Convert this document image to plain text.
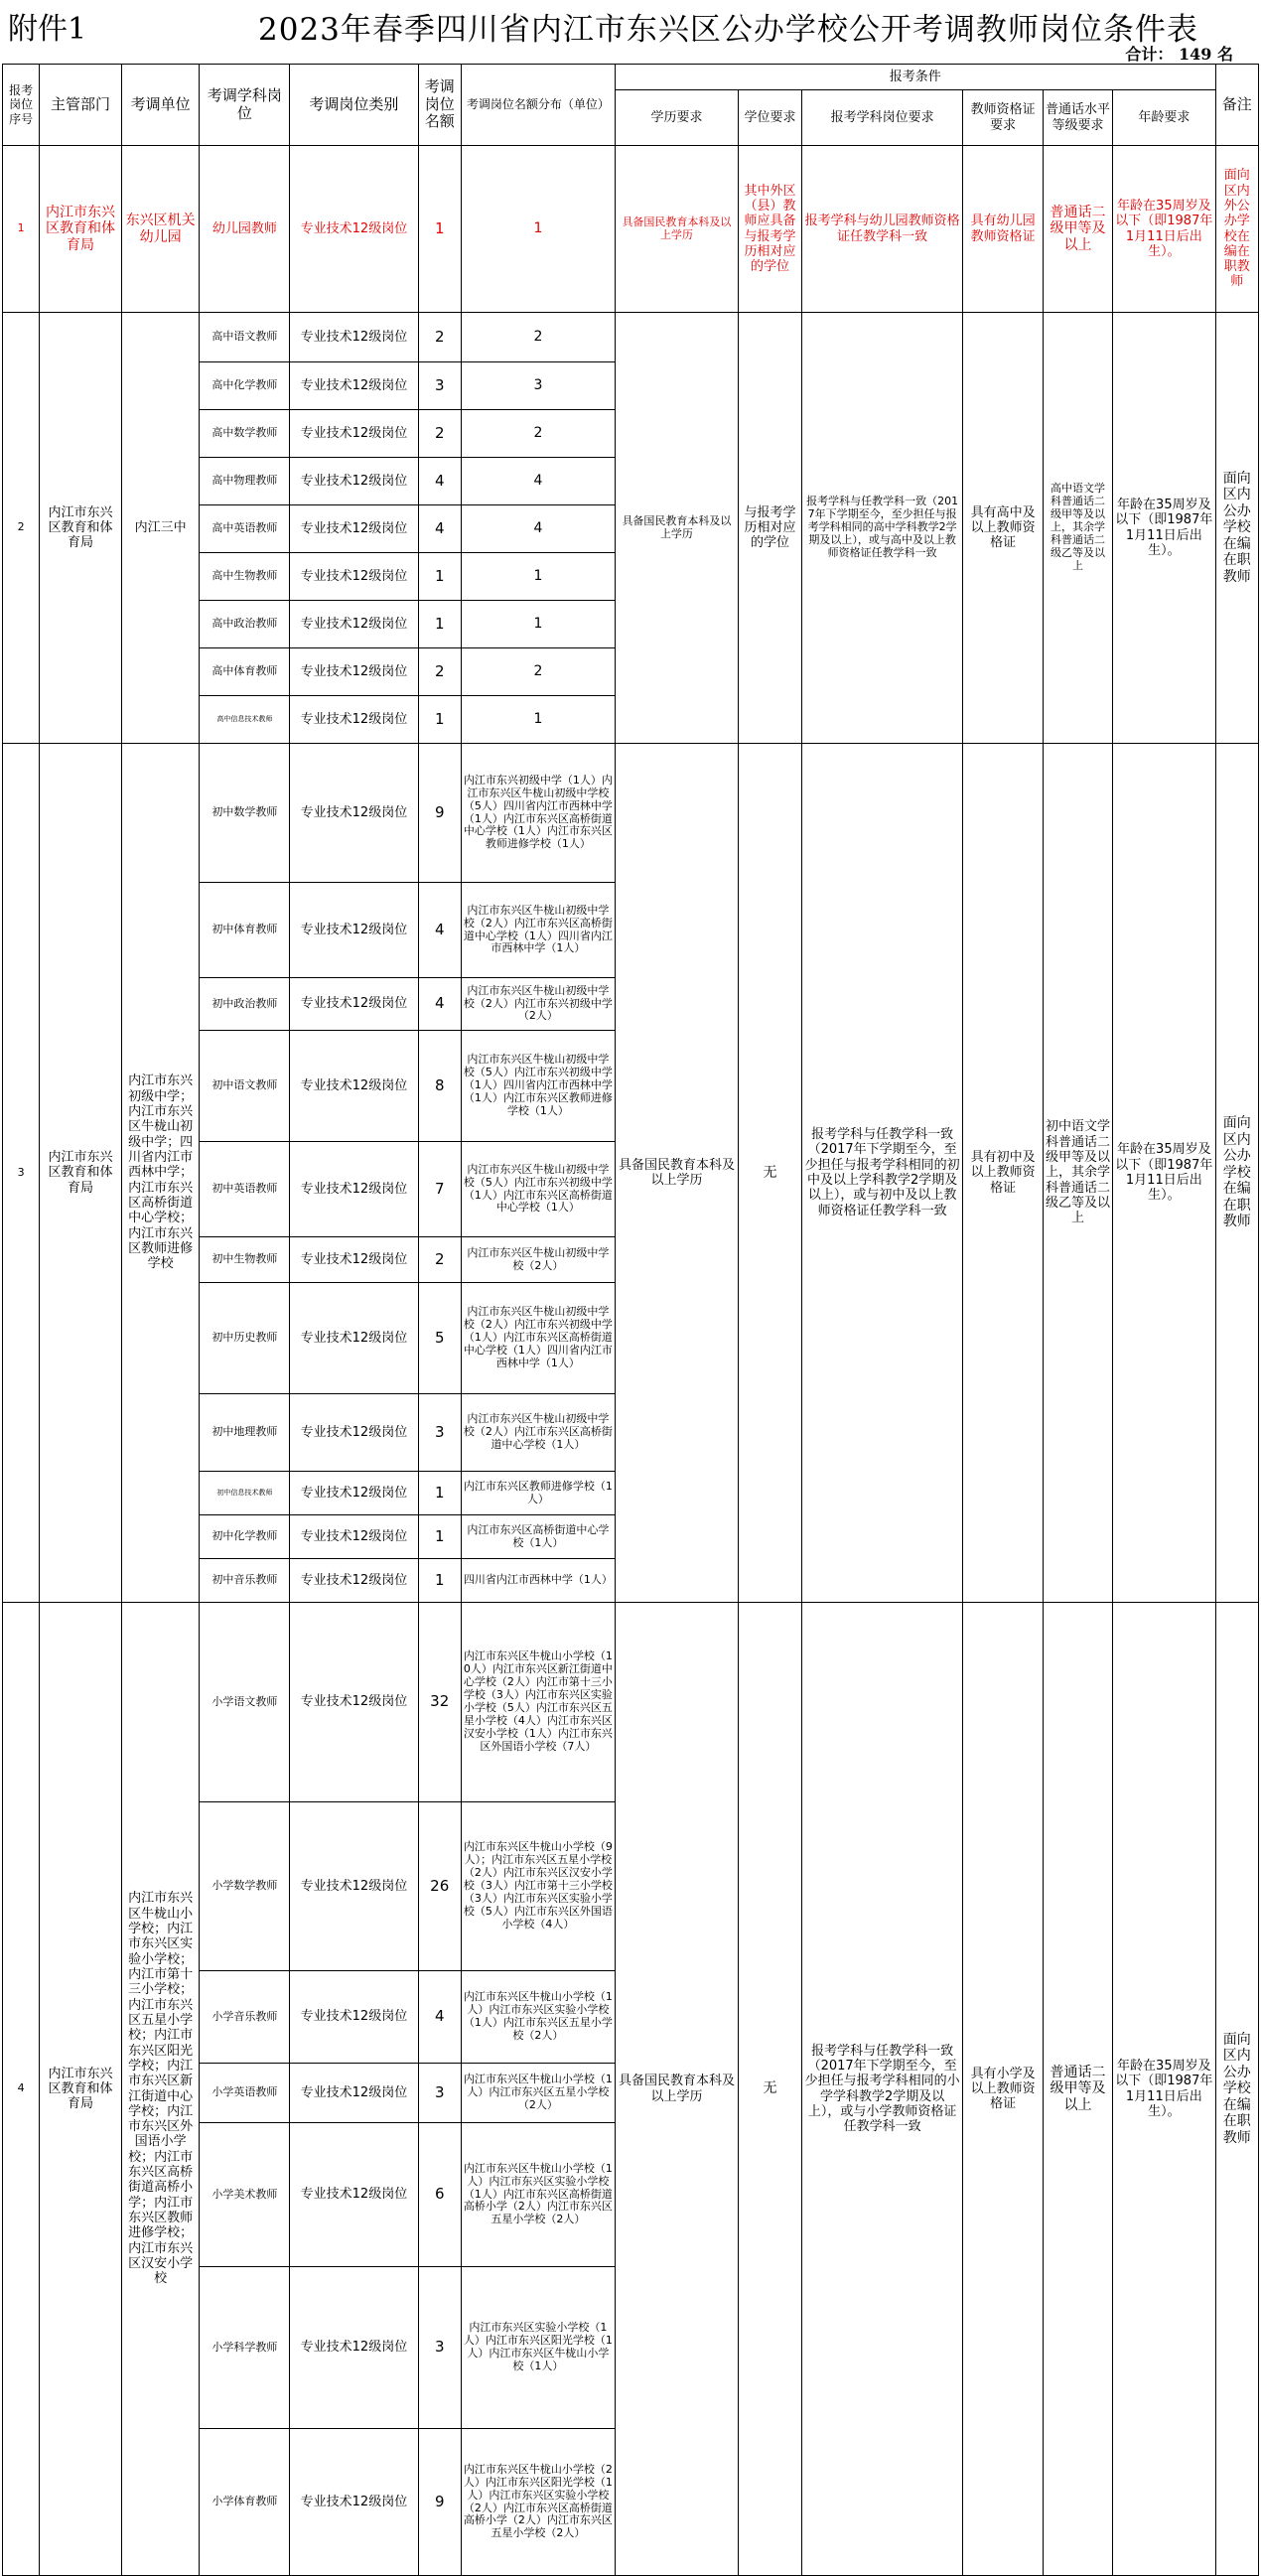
附件1	2023年春季四川省内江市东兴区公办学校公开考调教师岗位条件表
合计： 149 名
报考岗位序号	主管部门	考调单位	考调学科岗位	考调岗位类别	考调岗位名额	考调岗位名额分布（单位）	报考条件						备注
							学历要求	学位要求	报考学科岗位要求	教师资格证要求	普通话水平等级要求	年龄要求	
1	内江市东兴区教育和体育局	东兴区机关幼儿园	幼儿园教师	专业技术12级岗位	1	1	具备国民教育本科及以上学历	其中外区（县）教师应具备与报考学历相对应的学位	报考学科与幼儿园教师资格证任教学科一致	具有幼儿园教师资格证	普通话二级甲等及以上	年龄在35周岁及以下（即1987年1月11日后出生）。	面向区内外公办学校在编在职教师
2	内江市东兴区教育和体育局	内江三中	高中语文教师	专业技术12级岗位	2	2	具备国民教育本科及以上学历	与报考学历相对应的学位	报考学科与任教学科一致（2017年下学期至今，至少担任与报考学科相同的高中学科教学2学期及以上），或与高中及以上教师资格证任教学科一致	具有高中及以上教师资格证	高中语文学科普通话二级甲等及以上，其余学科普通话二级乙等及以上	年龄在35周岁及以下（即1987年1月11日后出生）。	面向区内公办学校在编在职教师
			高中化学教师	专业技术12级岗位	3	3							
			高中数学教师	专业技术12级岗位	2	2							
			高中物理教师	专业技术12级岗位	4	4							
			高中英语教师	专业技术12级岗位	4	4							
			高中生物教师	专业技术12级岗位	1	1							
			高中政治教师	专业技术12级岗位	1	1							
			高中体育教师	专业技术12级岗位	2	2							
			高中信息技术教师	专业技术12级岗位	1	1							
3	内江市东兴区教育和体育局	内江市东兴初级中学；内江市东兴区牛栊山初级中学；四川省内江市西林中学；内江市东兴区高桥街道中心学校；内江市东兴区教师进修学校	初中数学教师	专业技术12级岗位	9	内江市东兴初级中学（1人）内江市东兴区牛栊山初级中学校（5人）四川省内江市西林中学（1人）内江市东兴区高桥街道中心学校（1人）内江市东兴区教师进修学校（1人）	具备国民教育本科及以上学历	无	报考学科与任教学科一致（2017年下学期至今，至少担任与报考学科相同的初中及以上学科教学2学期及以上），或与初中及以上教师资格证任教学科一致	具有初中及以上教师资格证	初中语文学科普通话二级甲等及以上，其余学科普通话二级乙等及以上	年龄在35周岁及以下（即1987年1月11日后出生）。	面向区内公办学校在编在职教师
			初中体育教师	专业技术12级岗位	4	内江市东兴区牛栊山初级中学校（2人）内江市东兴区高桥街道中心学校（1人）四川省内江市西林中学（1人）							
			初中政治教师	专业技术12级岗位	4	内江市东兴区牛栊山初级中学校（2人）内江市东兴初级中学（2人）							
			初中语文教师	专业技术12级岗位	8	内江市东兴区牛栊山初级中学校（5人）内江市东兴初级中学（1人）四川省内江市西林中学（1人）内江市东兴区教师进修学校（1人）							
			初中英语教师	专业技术12级岗位	7	内江市东兴区牛栊山初级中学校（5人）内江市东兴初级中学（1人）内江市东兴区高桥街道中心学校（1人）							
			初中生物教师	专业技术12级岗位	2	内江市东兴区牛栊山初级中学校（2人）							
			初中历史教师	专业技术12级岗位	5	内江市东兴区牛栊山初级中学校（2人）内江市东兴初级中学（1人）内江市东兴区高桥街道中心学校（1人）四川省内江市西林中学（1人）							
			初中地理教师	专业技术12级岗位	3	内江市东兴区牛栊山初级中学校（2人）内江市东兴区高桥街道中心学校（1人）							
			初中信息技术教师	专业技术12级岗位	1	内江市东兴区教师进修学校（1人）							
			初中化学教师	专业技术12级岗位	1	内江市东兴区高桥街道中心学校（1人）							
			初中音乐教师	专业技术12级岗位	1	四川省内江市西林中学（1人）							
4	内江市东兴区教育和体育局	内江市东兴区牛栊山小学校；内江市东兴区实验小学校；内江市第十三小学校；内江市东兴区五星小学校；内江市东兴区阳光学校；内江市东兴区新江街道中心学校；内江市东兴区外国语小学校；内江市东兴区高桥街道高桥小学；内江市东兴区教师进修学校；内江市东兴区汉安小学校	小学语文教师	专业技术12级岗位	32	内江市东兴区牛栊山小学校（10人）内江市东兴区新江街道中心学校（2人）内江市第十三小学校（3人）内江市东兴区实验小学校（5人）内江市东兴区五星小学校（4人）内江市东兴区汉安小学校（1人）内江市东兴区外国语小学校（7人）	具备国民教育本科及以上学历	无	报考学科与任教学科一致（2017年下学期至今，至少担任与报考学科相同的小学学科教学2学期及以上），或与小学教师资格证任教学科一致	具有小学及以上教师资格证	普通话二级甲等及以上	年龄在35周岁及以下（即1987年1月11日后出生）。	面向区内公办学校在编在职教师
			小学数学教师	专业技术12级岗位	26	内江市东兴区牛栊山小学校（9人）；内江市东兴区五星小学校（2人）内江市东兴区汉安小学校（3人）内江市第十三小学校（3人）内江市东兴区实验小学校（5人）内江市东兴区外国语小学校（4人）							
			小学音乐教师	专业技术12级岗位	4	内江市东兴区牛栊山小学校（1人）内江市东兴区实验小学校（1人）内江市东兴区五星小学校（2人）							
			小学英语教师	专业技术12级岗位	3	内江市东兴区牛栊山小学校（1人）内江市东兴区五星小学校（2人）							
			小学美术教师	专业技术12级岗位	6	内江市东兴区牛栊山小学校（1人）内江市东兴区实验小学校（1人）内江市东兴区高桥街道高桥小学（2人）内江市东兴区五星小学校（2人）							
			小学科学教师	专业技术12级岗位	3	内江市东兴区实验小学校（1人）内江市东兴区阳光学校（1人）内江市东兴区牛栊山小学校（1人）							
			小学体育教师	专业技术12级岗位	9	内江市东兴区牛栊山小学校（2人）内江市东兴区阳光学校（1人）内江市东兴区实验小学校（2人）内江市东兴区高桥街道高桥小学（2人）内江市东兴区五星小学校（2人）							
